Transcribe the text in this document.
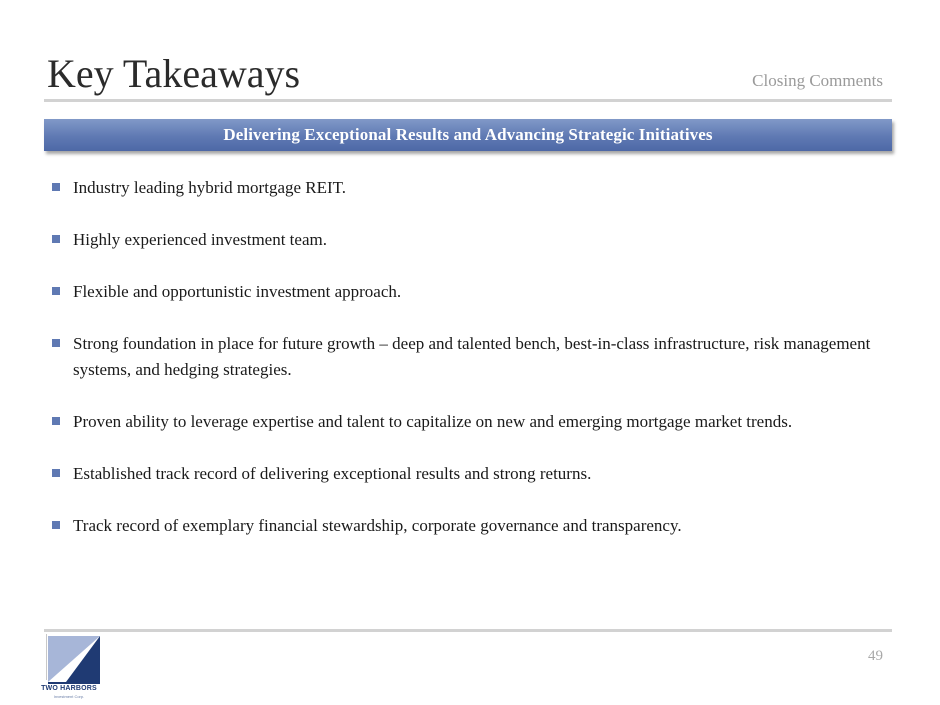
Key Takeaways	Closing Comments
Delivering Exceptional Results and Advancing Strategic Initiatives
Industry leading hybrid mortgage REIT.
Highly experienced investment team.
Flexible and opportunistic investment approach.
Strong foundation in place for future growth – deep and talented bench, best-in-class infrastructure, risk management systems, and hedging strategies.
Proven ability to leverage expertise and talent to capitalize on new and emerging mortgage market trends.
Established track record of delivering exceptional results and strong returns.
Track record of exemplary financial stewardship, corporate governance and transparency.
TWO HARBORS
Investment Corp.
49
